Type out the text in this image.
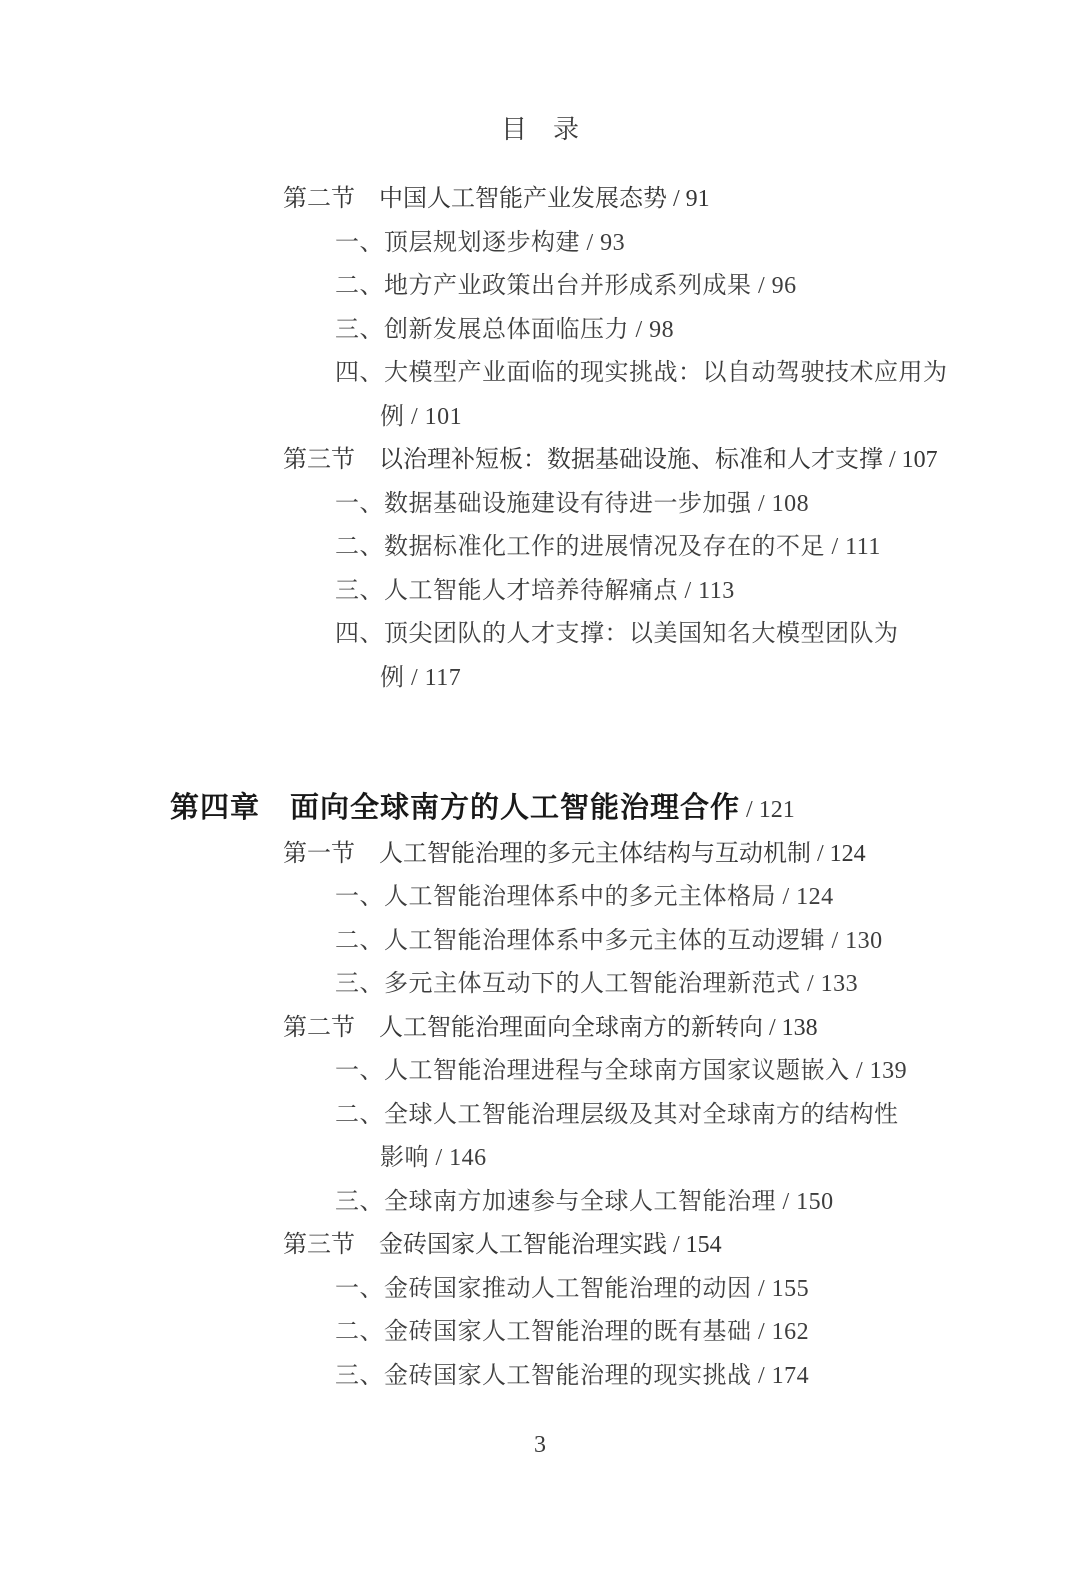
目　录
第二节　中国人工智能产业发展态势 / 91
一、顶层规划逐步构建 / 93
二、地方产业政策出台并形成系列成果 / 96
三、创新发展总体面临压力 / 98
四、大模型产业面临的现实挑战：以自动驾驶技术应用为
例 / 101
第三节　以治理补短板：数据基础设施、标准和人才支撑 / 107
一、数据基础设施建设有待进一步加强 / 108
二、数据标准化工作的进展情况及存在的不足 / 111
三、人工智能人才培养待解痛点 / 113
四、顶尖团队的人才支撑：以美国知名大模型团队为
例 / 117
第四章　面向全球南方的人工智能治理合作 / 121
第一节　人工智能治理的多元主体结构与互动机制 / 124
一、人工智能治理体系中的多元主体格局 / 124
二、人工智能治理体系中多元主体的互动逻辑 / 130
三、多元主体互动下的人工智能治理新范式 / 133
第二节　人工智能治理面向全球南方的新转向 / 138
一、人工智能治理进程与全球南方国家议题嵌入 / 139
二、全球人工智能治理层级及其对全球南方的结构性
影响 / 146
三、全球南方加速参与全球人工智能治理 / 150
第三节　金砖国家人工智能治理实践 / 154
一、金砖国家推动人工智能治理的动因 / 155
二、金砖国家人工智能治理的既有基础 / 162
三、金砖国家人工智能治理的现实挑战 / 174
3
